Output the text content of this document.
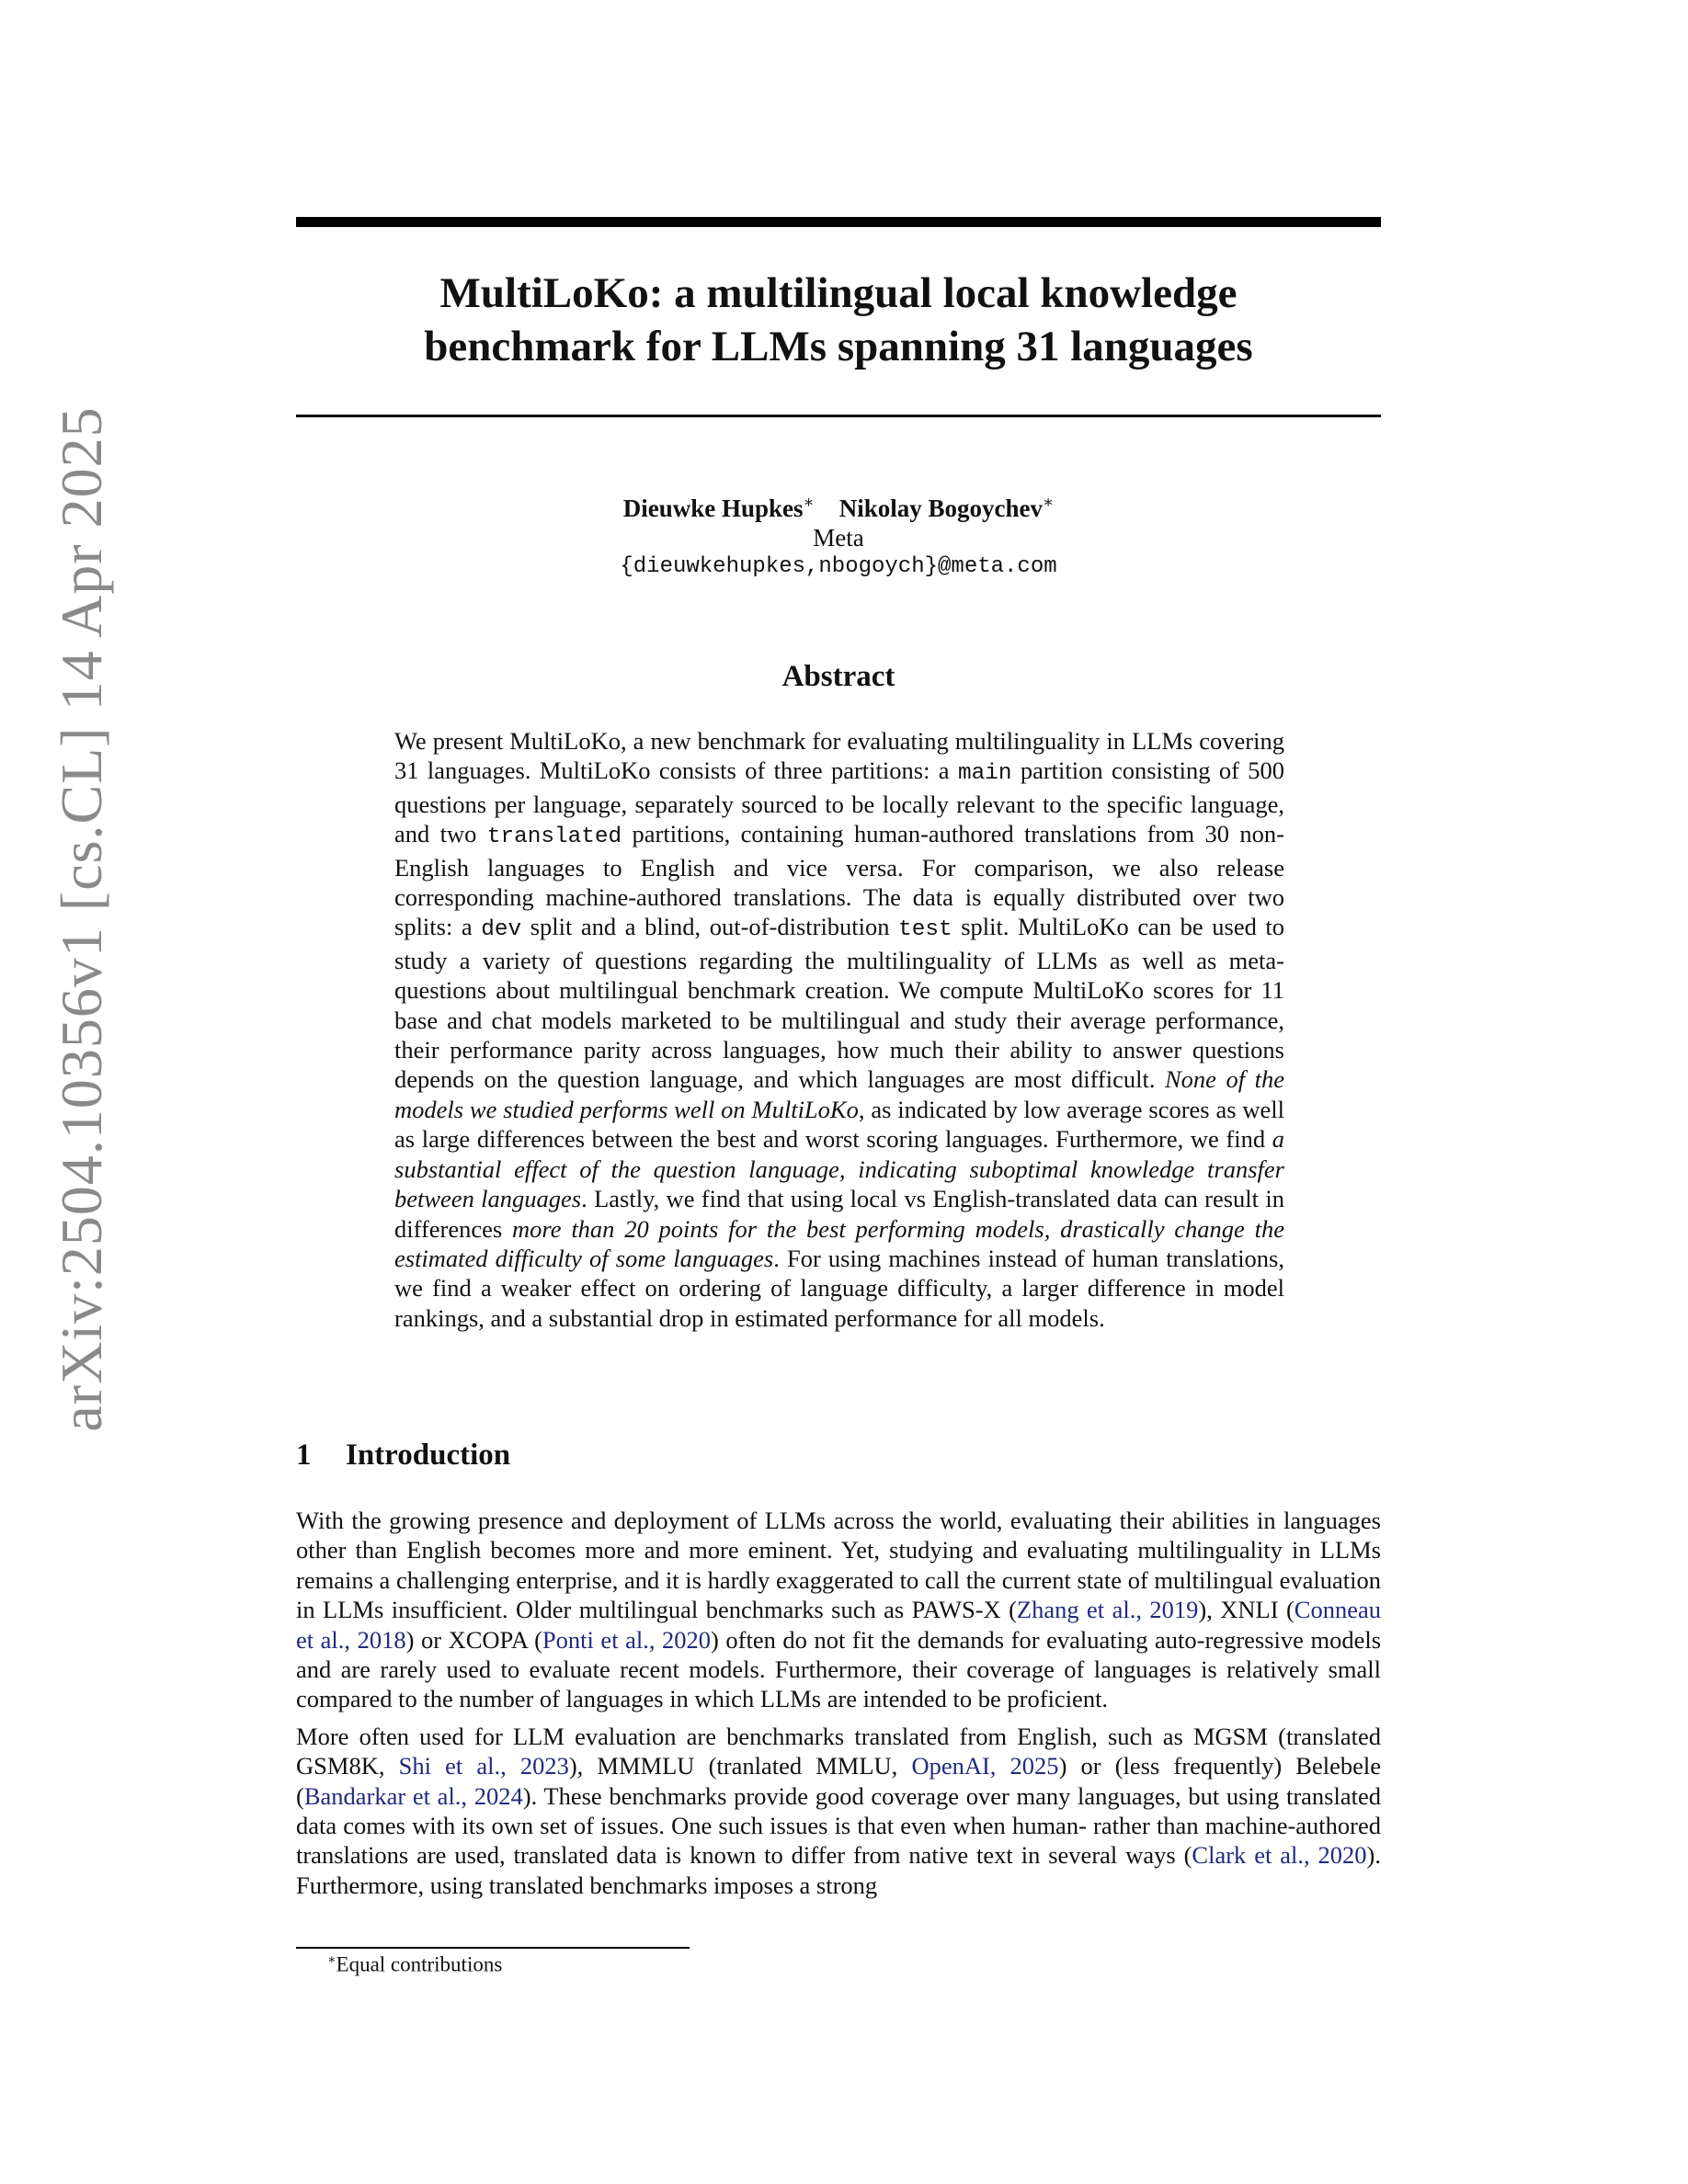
arXiv:2504.10356v1 [cs.CL] 14 Apr 2025
MultiLoKo: a multilingual local knowledge
benchmark for LLMs spanning 31 languages
Dieuwke Hupkes∗ Nikolay Bogoychev∗
Meta
{dieuwkehupkes,nbogoych}@meta.com
Abstract

We present MultiLoKo, a new benchmark for evaluating multilinguality in LLMs covering 31 languages. MultiLoKo consists of three partitions: a main partition consisting of 500 questions per language, separately sourced to be locally relevant to the specific language, and two translated partitions, containing human-authored translations from 30 non-English languages to English and vice versa. For comparison, we also release corresponding machine-authored translations. The data is equally distributed over two splits: a dev split and a blind, out-of-distribution test split. MultiLoKo can be used to study a variety of questions regarding the multilinguality of LLMs as well as meta-questions about multilingual benchmark creation. We compute MultiLoKo scores for 11 base and chat models marketed to be multilingual and study their average performance, their performance parity across languages, how much their ability to answer questions depends on the question language, and which languages are most difficult. None of the models we studied performs well on MultiLoKo, as indicated by low average scores as well as large differences between the best and worst scoring languages. Furthermore, we find a substantial effect of the question language, indicating suboptimal knowledge transfer between languages. Lastly, we find that using local vs English-translated data can result in differences more than 20 points for the best performing models, drastically change the estimated difficulty of some languages. For using machines instead of human translations, we find a weaker effect on ordering of language difficulty, a larger difference in model rankings, and a substantial drop in estimated performance for all models.

1 Introduction

With the growing presence and deployment of LLMs across the world, evaluating their abilities in languages other than English becomes more and more eminent. Yet, studying and evaluating multilinguality in LLMs remains a challenging enterprise, and it is hardly exaggerated to call the current state of multilingual evaluation in LLMs insufficient. Older multilingual benchmarks such as PAWS-X (Zhang et al., 2019), XNLI (Conneau et al., 2018) or XCOPA (Ponti et al., 2020) often do not fit the demands for evaluating auto-regressive models and are rarely used to evaluate recent models. Furthermore, their coverage of languages is relatively small compared to the number of languages in which LLMs are intended to be proficient.

More often used for LLM evaluation are benchmarks translated from English, such as MGSM (translated GSM8K, Shi et al., 2023), MMMLU (tranlated MMLU, OpenAI, 2025) or (less frequently) Belebele (Bandarkar et al., 2024). These benchmarks provide good coverage over many languages, but using translated data comes with its own set of issues. One such issues is that even when human- rather than machine-authored translations are used, translated data is known to differ from native text in several ways (Clark et al., 2020). Furthermore, using translated benchmarks imposes a strong

∗Equal contributions
